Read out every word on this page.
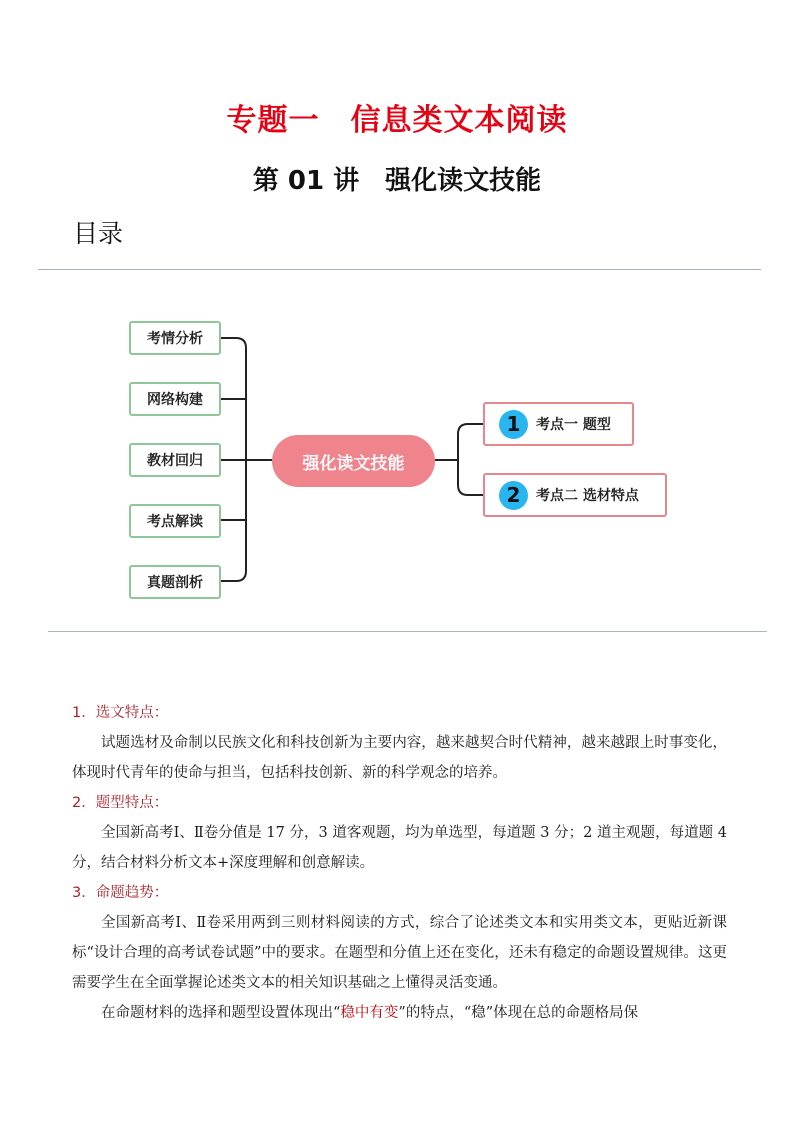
专题一　信息类文本阅读
第 01 讲　强化读文技能
目录
考情分析
网络构建
教材回归
考点解读
真题剖析
强化读文技能
1	考点一 题型
2	考点二 选材特点

1．选文特点：

试题选材及命制以民族文化和科技创新为主要内容，越来越契合时代精神，越来越跟上时事变化，体现时代青年的使命与担当，包括科技创新、新的科学观念的培养。

2．题型特点：

全国新高考Ⅰ、Ⅱ卷分值是 17 分，3 道客观题，均为单选型，每道题 3 分；2 道主观题，每道题 4 分，结合材料分析文本+深度理解和创意解读。

3．命题趋势：

全国新高考Ⅰ、Ⅱ卷采用两到三则材料阅读的方式，综合了论述类文本和实用类文本，更贴近新课标“设计合理的高考试卷试题”中的要求。在题型和分值上还在变化，还未有稳定的命题设置规律。这更需要学生在全面掌握论述类文本的相关知识基础之上懂得灵活变通。

在命题材料的选择和题型设置体现出“稳中有变”的特点，“稳”体现在总的命题格局保
